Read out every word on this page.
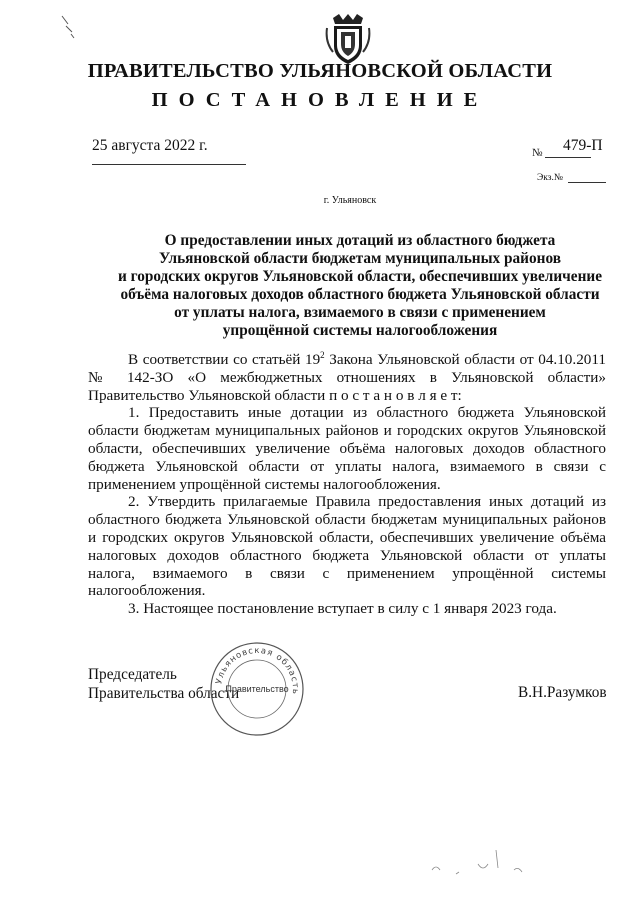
ПРАВИТЕЛЬСТВО УЛЬЯНОВСКОЙ ОБЛАСТИ
ПОСТАНОВЛЕНИЕ
25 августа 2022 г.	№ 479-П
Экз.№
г. Ульяновск
О предоставлении иных дотаций из областного бюджета
Ульяновской области бюджетам муниципальных районов
и городских округов Ульяновской области, обеспечивших увеличение
объёма налоговых доходов областного бюджета Ульяновской области
от уплаты налога, взимаемого в связи с применением
упрощённой системы налогообложения

В соответствии со статьёй $19^2$ Закона Ульяновской области от 04.10.2011 № 142-ЗО «О межбюджетных отношениях в Ульяновской области» Правительство Ульяновской области п о с т а н о в л я е т:

1. Предоставить иные дотации из областного бюджета Ульяновской области бюджетам муниципальных районов и городских округов Ульяновской области, обеспечивших увеличение объёма налоговых доходов областного бюджета Ульяновской области от уплаты налога, взимаемого в связи с применением упрощённой системы налогообложения.

2. Утвердить прилагаемые Правила предоставления иных дотаций из областного бюджета Ульяновской области бюджетам муниципальных районов и городских округов Ульяновской области, обеспечивших увеличение объёма налоговых доходов областного бюджета Ульяновской области от уплаты налога, взимаемого в связи с применением упрощённой системы налогообложения.

3. Настоящее постановление вступает в силу с 1 января 2023 года.

Председатель
Правительства области	В.Н.Разумков
Ульяновская область
Правительство
